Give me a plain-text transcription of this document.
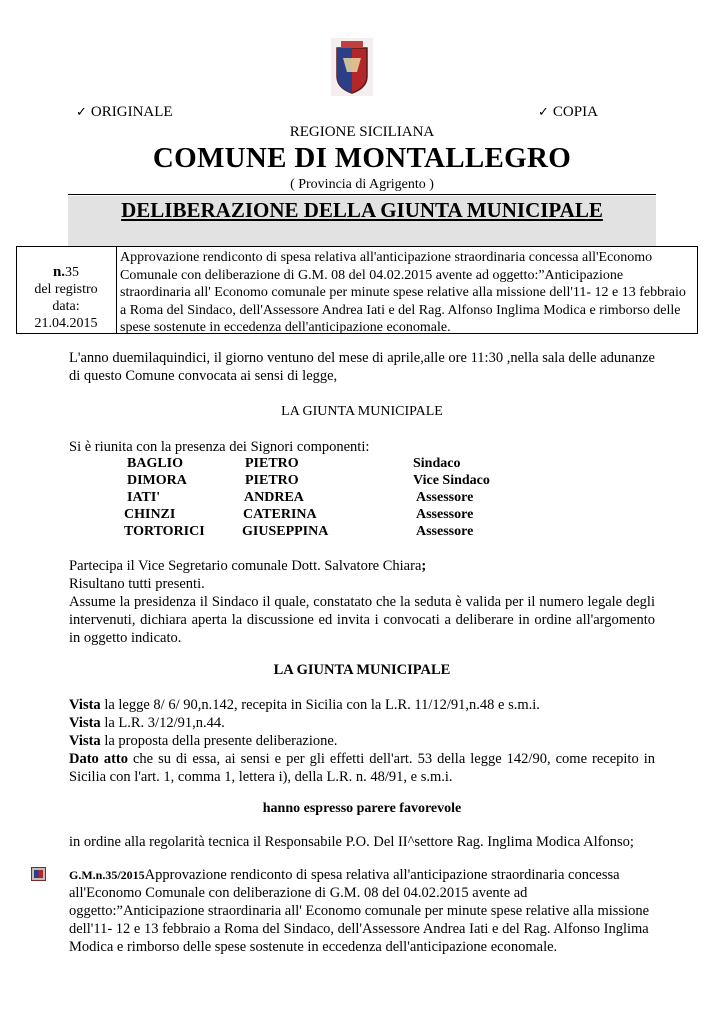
✓ ORIGINALE	✓ COPIA
REGIONE SICILIANA
COMUNE DI MONTALLEGRO
( Provincia di Agrigento )
DELIBERAZIONE DELLA GIUNTA MUNICIPALE
n.35
del registro
data:
21.04.2015
Approvazione rendiconto di spesa relativa all'anticipazione straordinaria concessa all'Economo Comunale con deliberazione di G.M. 08 del 04.02.2015 avente ad oggetto:”Anticipazione straordinaria all' Economo comunale per minute spese relative alla missione dell'11- 12 e 13 febbraio a Roma del Sindaco, dell'Assessore Andrea Iati e del Rag. Alfonso Inglima Modica e rimborso delle spese sostenute in eccedenza dell'anticipazione economale.
L'anno duemilaquindici, il giorno ventuno del mese di aprile,alle ore 11:30 ,nella sala delle adunanze di questo Comune convocata ai sensi di legge,
LA GIUNTA MUNICIPALE
Si è riunita con la presenza dei Signori componenti:
BAGLIO	PIETRO	Sindaco
DIMORA	PIETRO	Vice Sindaco
IATI'	ANDREA	Assessore
CHINZI	CATERINA	Assessore
TORTORICI	GIUSEPPINA	Assessore
Partecipa il Vice Segretario comunale Dott. Salvatore Chiara;
Risultano tutti presenti.
Assume la presidenza il Sindaco il quale, constatato che la seduta è valida per il numero legale degli intervenuti, dichiara aperta la discussione ed invita i convocati a deliberare in ordine all'argomento in oggetto indicato.
LA GIUNTA MUNICIPALE
Vista la legge 8/ 6/ 90,n.142, recepita in Sicilia con la L.R. 11/12/91,n.48 e s.m.i.
Vista la L.R. 3/12/91,n.44.
Vista la proposta della presente deliberazione.
Dato atto che su di essa, ai sensi e per gli effetti dell'art. 53 della legge 142/90, come recepito in Sicilia con l'art. 1, comma 1, lettera i), della L.R. n. 48/91, e s.m.i.
hanno espresso parere favorevole
in ordine alla regolarità tecnica il Responsabile P.O. Del II^settore Rag. Inglima Modica Alfonso;
G.M.n.35/2015Approvazione rendiconto di spesa relativa all'anticipazione straordinaria concessa all'Economo Comunale con deliberazione di G.M. 08 del 04.02.2015 avente ad oggetto:”Anticipazione straordinaria all' Economo comunale per minute spese relative alla missione dell'11- 12 e 13 febbraio a Roma del Sindaco, dell'Assessore Andrea Iati e del Rag. Alfonso Inglima Modica e rimborso delle spese sostenute in eccedenza dell'anticipazione economale.
